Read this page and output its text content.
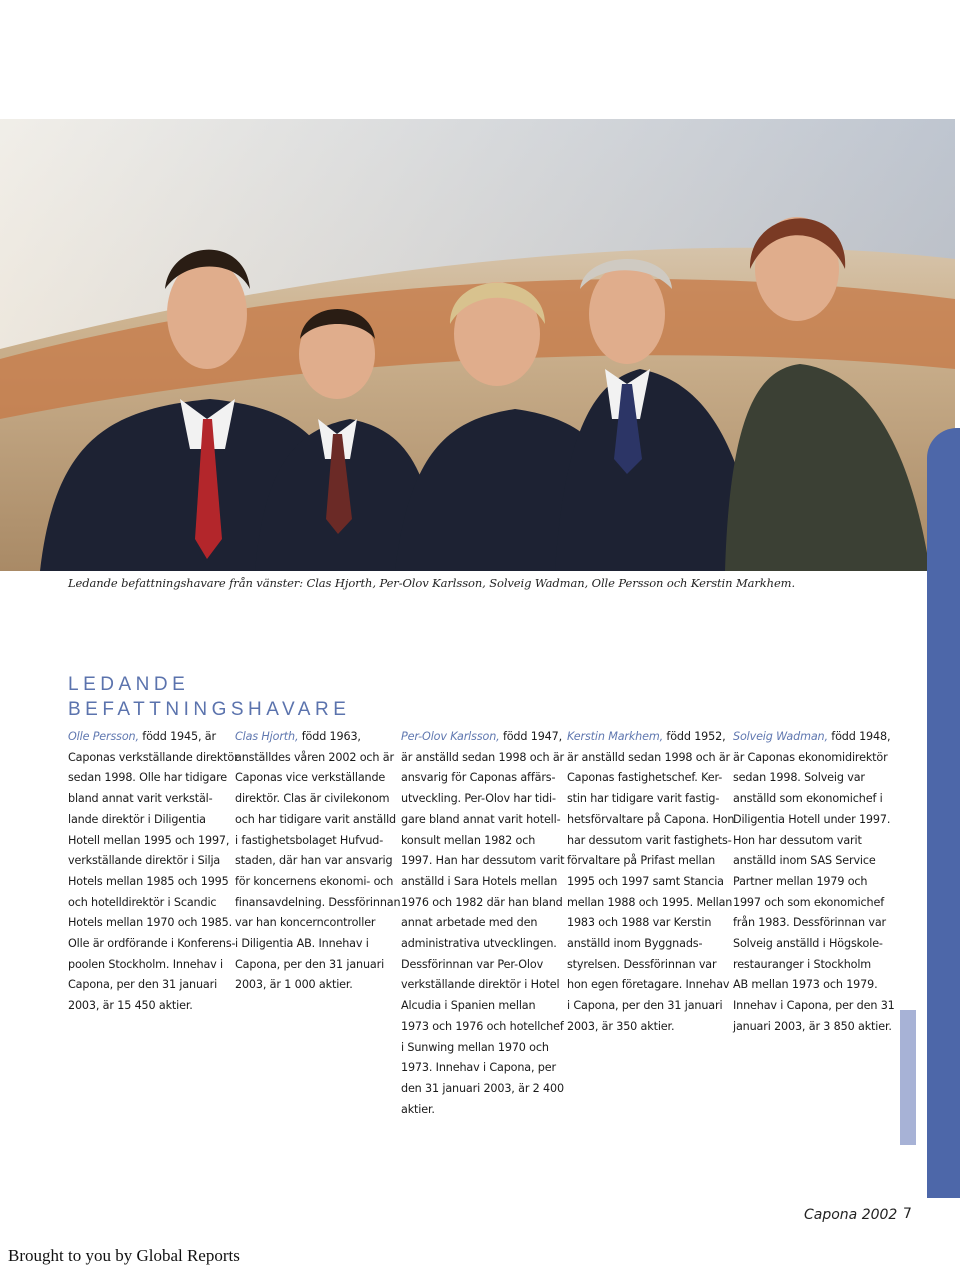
Ledande befattningshavare från vänster: Clas Hjorth, Per-Olov Karlsson, Solveig Wadman, Olle Persson och Kerstin Markhem.
LEDANDE
BEFATTNINGSHAVARE
Olle Persson, född 1945, är
Caponas verkställande direktör
sedan 1998. Olle har tidigare
bland annat varit verkstäl-
lande direktör i Diligentia
Hotell mellan 1995 och 1997,
verkställande direktör i Silja
Hotels mellan 1985 och 1995
och hotelldirektör i Scandic
Hotels mellan 1970 och 1985.
Olle är ordförande i Konferens-
poolen Stockholm. Innehav i
Capona, per den 31 januari
2003, är 15 450 aktier.
Clas Hjorth, född 1963,
anställdes våren 2002 och är
Caponas vice verkställande
direktör. Clas är civilekonom
och har tidigare varit anställd
i fastighetsbolaget Hufvud-
staden, där han var ansvarig
för koncernens ekonomi- och
finansavdelning. Dessförinnan
var han koncerncontroller
i Diligentia AB. Innehav i
Capona, per den 31 januari
2003, är 1 000 aktier.
Per-Olov Karlsson, född 1947,
är anställd sedan 1998 och är
ansvarig för Caponas affärs-
utveckling. Per-Olov har tidi-
gare bland annat varit hotell-
konsult mellan 1982 och
1997. Han har dessutom varit
anställd i Sara Hotels mellan
1976 och 1982 där han bland
annat arbetade med den
administrativa utvecklingen.
Dessförinnan var Per-Olov
verkställande direktör i Hotel
Alcudia i Spanien mellan
1973 och 1976 och hotellchef
i Sunwing mellan 1970 och
1973. Innehav i Capona, per
den 31 januari 2003, är 2 400
aktier.
Kerstin Markhem, född 1952,
är anställd sedan 1998 och är
Caponas fastighetschef. Ker-
stin har tidigare varit fastig-
hetsförvaltare på Capona. Hon
har dessutom varit fastighets-
förvaltare på Prifast mellan
1995 och 1997 samt Stancia
mellan 1988 och 1995. Mellan
1983 och 1988 var Kerstin
anställd inom Byggnads-
styrelsen. Dessförinnan var
hon egen företagare. Innehav
i Capona, per den 31 januari
2003, är 350 aktier.
Solveig Wadman, född 1948,
är Caponas ekonomidirektör
sedan 1998. Solveig var
anställd som ekonomichef i
Diligentia Hotell under 1997.
Hon har dessutom varit
anställd inom SAS Service
Partner mellan 1979 och
1997 och som ekonomichef
från 1983. Dessförinnan var
Solveig anställd i Högskole-
restauranger i Stockholm
AB mellan 1973 och 1979.
Innehav i Capona, per den 31
januari 2003, är 3 850 aktier.
Capona 2002 7
Brought to you by Global Reports
